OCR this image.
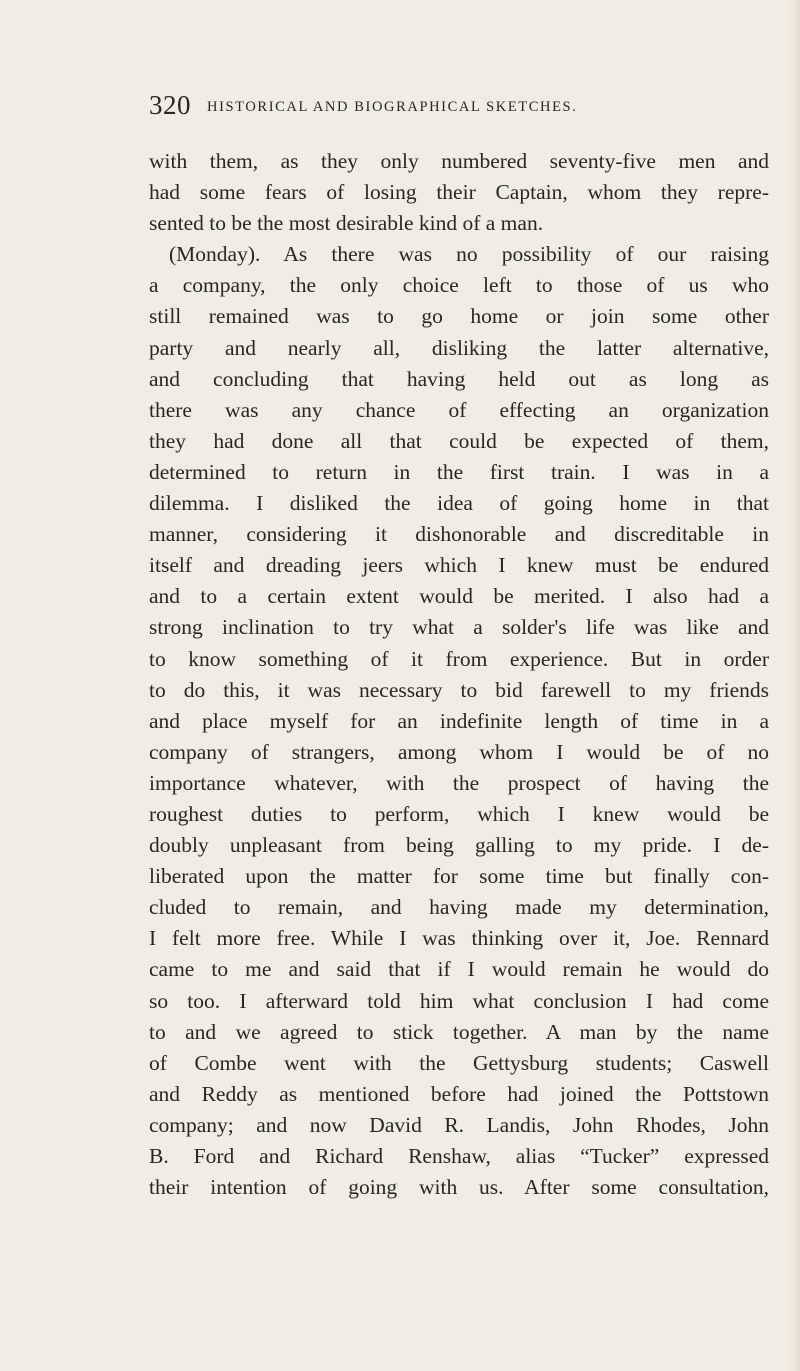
320 HISTORICAL AND BIOGRAPHICAL SKETCHES.
with them, as they only numbered seventy-five men and
had some fears of losing their Captain, whom they repre-
sented to be the most desirable kind of a man.
(Monday). As there was no possibility of our raising
a company, the only choice left to those of us who
still remained was to go home or join some other
party and nearly all, disliking the latter alternative,
and concluding that having held out as long as
there was any chance of effecting an organization
they had done all that could be expected of them,
determined to return in the first train. I was in a
dilemma. I disliked the idea of going home in that
manner, considering it dishonorable and discreditable in
itself and dreading jeers which I knew must be endured
and to a certain extent would be merited. I also had a
strong inclination to try what a solder's life was like and
to know something of it from experience. But in order
to do this, it was necessary to bid farewell to my friends
and place myself for an indefinite length of time in a
company of strangers, among whom I would be of no
importance whatever, with the prospect of having the
roughest duties to perform, which I knew would be
doubly unpleasant from being galling to my pride. I de-
liberated upon the matter for some time but finally con-
cluded to remain, and having made my determination,
I felt more free. While I was thinking over it, Joe. Rennard
came to me and said that if I would remain he would do
so too. I afterward told him what conclusion I had come
to and we agreed to stick together. A man by the name
of Combe went with the Gettysburg students; Caswell
and Reddy as mentioned before had joined the Pottstown
company; and now David R. Landis, John Rhodes, John
B. Ford and Richard Renshaw, alias “Tucker” expressed
their intention of going with us. After some consultation,
